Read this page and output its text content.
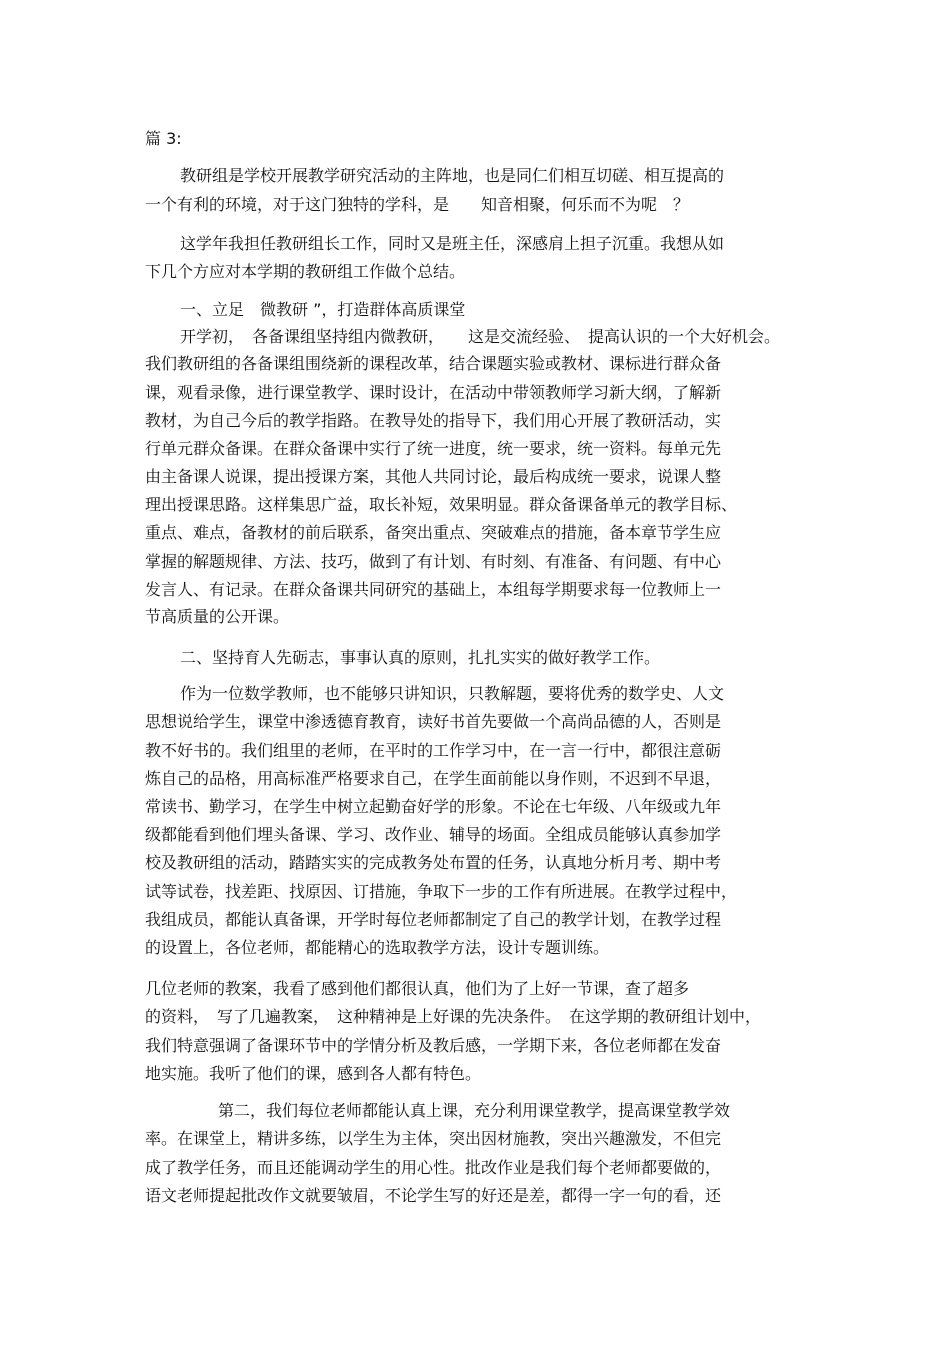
篇 3:
教研组是学校开展教学研究活动的主阵地，也是同仁们相互切磋、相互提高的
一个有利的环境，对于这门独特的学科，是　　知音相聚，何乐而不为呢　？
这学年我担任教研组长工作，同时又是班主任，深感肩上担子沉重。我想从如
下几个方应对本学期的教研组工作做个总结。
一、立足　微教研 ”，打造群体高质课堂
开学初，　各备课组坚持组内微教研，　　这是交流经验、　提高认识的一个大好机会。
我们教研组的各备课组围绕新的课程改革，结合课题实验或教材、课标进行群众备
课，观看录像，进行课堂教学、课时设计，在活动中带领教师学习新大纲，了解新
教材，为自己今后的教学指路。在教导处的指导下，我们用心开展了教研活动，实
行单元群众备课。在群众备课中实行了统一进度，统一要求，统一资料。每单元先
由主备课人说课，提出授课方案，其他人共同讨论，最后构成统一要求，说课人整
理出授课思路。这样集思广益，取长补短，效果明显。群众备课备单元的教学目标、
重点、难点，备教材的前后联系，备突出重点、突破难点的措施，备本章节学生应
掌握的解题规律、方法、技巧，做到了有计划、有时刻、有准备、有问题、有中心
发言人、有记录。在群众备课共同研究的基础上，本组每学期要求每一位教师上一
节高质量的公开课。
二、坚持育人先砺志，事事认真的原则，扎扎实实的做好教学工作。
作为一位数学教师，也不能够只讲知识，只教解题，要将优秀的数学史、人文
思想说给学生，课堂中渗透德育教育，读好书首先要做一个高尚品德的人，否则是
教不好书的。我们组里的老师，在平时的工作学习中，在一言一行中，都很注意砺
炼自己的品格，用高标准严格要求自己，在学生面前能以身作则，不迟到不早退，
常读书、勤学习，在学生中树立起勤奋好学的形象。不论在七年级、八年级或九年
级都能看到他们埋头备课、学习、改作业、辅导的场面。全组成员能够认真参加学
校及教研组的活动，踏踏实实的完成教务处布置的任务，认真地分析月考、期中考
试等试卷，找差距、找原因、订措施，争取下一步的工作有所进展。在教学过程中，
我组成员，都能认真备课，开学时每位老师都制定了自己的教学计划，在教学过程
的设置上，各位老师，都能精心的选取教学方法，设计专题训练。
几位老师的教案，我看了感到他们都很认真，他们为了上好一节课，查了超多
的资料，　写了几遍教案，　这种精神是上好课的先决条件。　在这学期的教研组计划中，
我们特意强调了备课环节中的学情分析及教后感，一学期下来，各位老师都在发奋
地实施。我听了他们的课，感到各人都有特色。
第二，我们每位老师都能认真上课，充分利用课堂教学，提高课堂教学效
率。在课堂上，精讲多练，以学生为主体，突出因材施教，突出兴趣激发，不但完
成了教学任务，而且还能调动学生的用心性。批改作业是我们每个老师都要做的，
语文老师提起批改作文就要皱眉，不论学生写的好还是差，都得一字一句的看，还
